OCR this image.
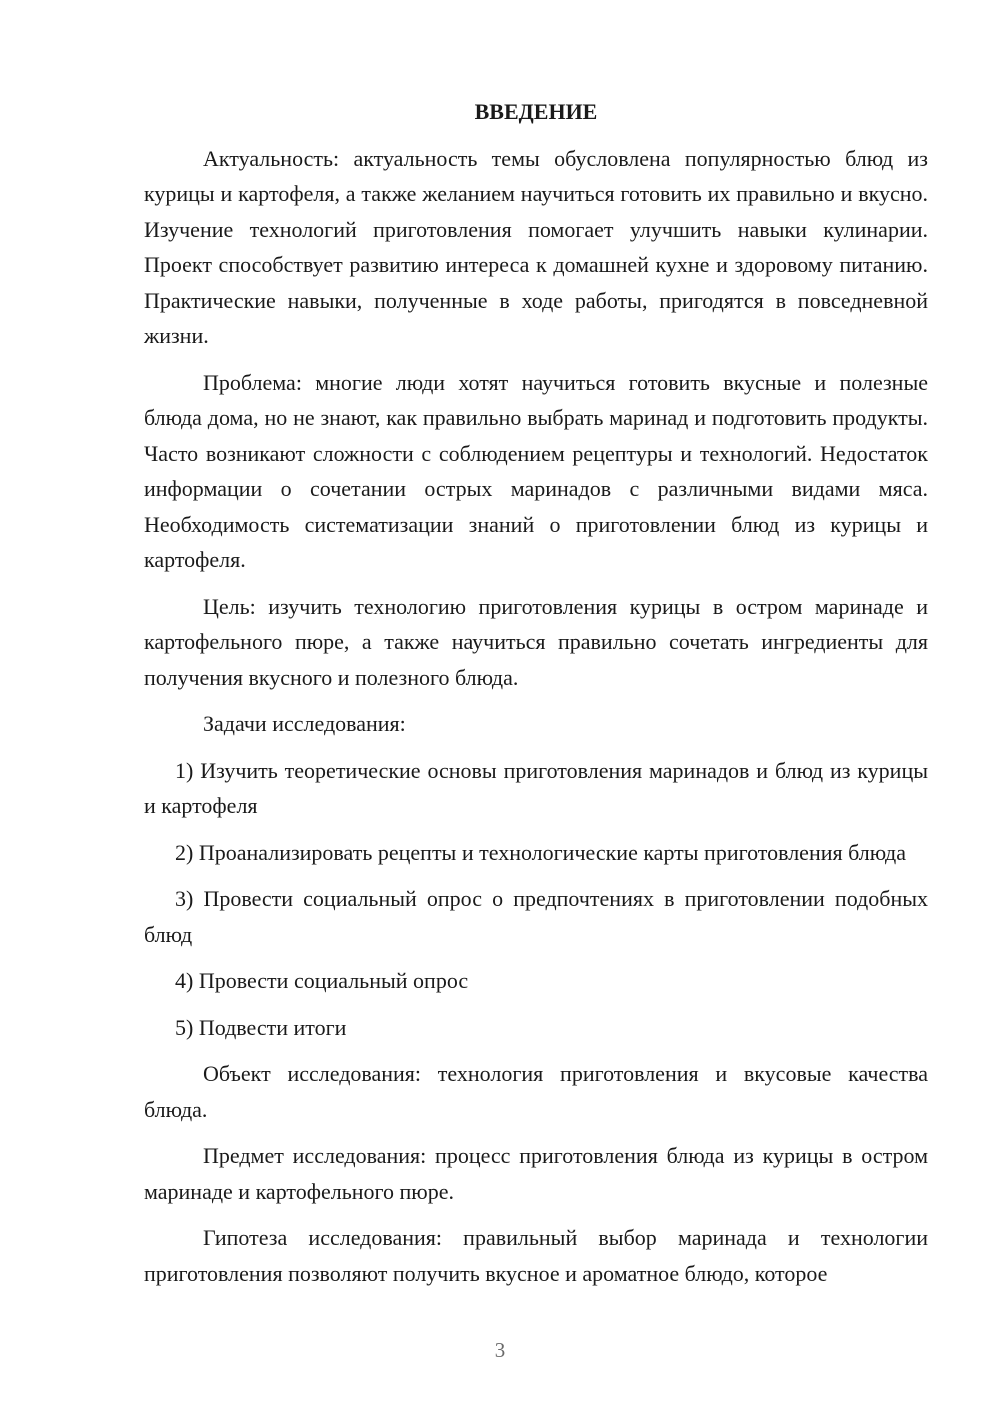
ВВЕДЕНИЕ

Актуальность: актуальность темы обусловлена популярностью блюд из курицы и картофеля, а также желанием научиться готовить их правильно и вкусно. Изучение технологий приготовления помогает улучшить навыки кулинарии. Проект способствует развитию интереса к домашней кухне и здоровому питанию. Практические навыки, полученные в ходе работы, пригодятся в повседневной жизни.

Проблема: многие люди хотят научиться готовить вкусные и полезные блюда дома, но не знают, как правильно выбрать маринад и подготовить продукты. Часто возникают сложности с соблюдением рецептуры и технологий. Недостаток информации о сочетании острых маринадов с различными видами мяса. Необходимость систематизации знаний о приготовлении блюд из курицы и картофеля.

Цель: изучить технологию приготовления курицы в остром маринаде и картофельного пюре, а также научиться правильно сочетать ингредиенты для получения вкусного и полезного блюда.

Задачи исследования:

1) Изучить теоретические основы приготовления маринадов и блюд из курицы и картофеля

2) Проанализировать рецепты и технологические карты приготовления блюда

3) Провести социальный опрос о предпочтениях в приготовлении подобных блюд

4) Провести социальный опрос

5) Подвести итоги

Объект исследования: технология приготовления и вкусовые качества блюда.

Предмет исследования: процесс приготовления блюда из курицы в остром маринаде и картофельного пюре.

Гипотеза исследования: правильный выбор маринада и технологии приготовления позволяют получить вкусное и ароматное блюдо, которое

3
